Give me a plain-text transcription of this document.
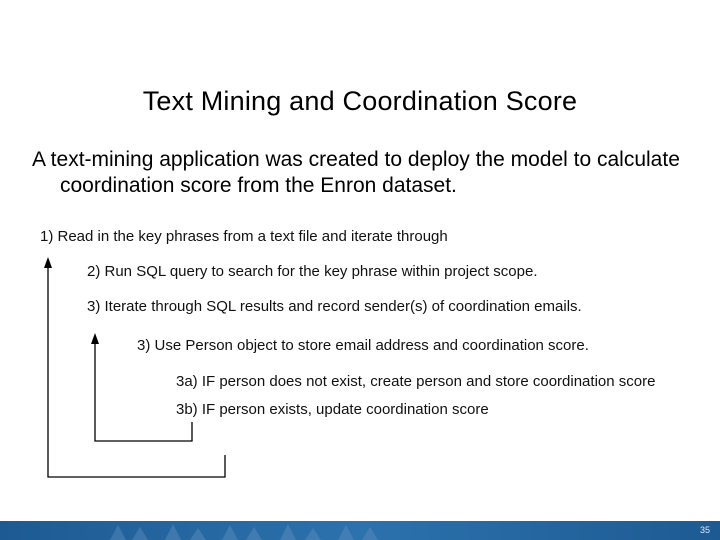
Text Mining and Coordination Score
A text-mining application was created to deploy the model to calculate coordination score from the Enron dataset.
1) Read in the key phrases from a text file and iterate through
2) Run SQL query to search for the key phrase within project scope.
3) Iterate through SQL results and record sender(s) of coordination emails.
3) Use Person object to store email address and coordination score.
3a) IF person does not exist, create person and store coordination score
3b) IF person exists, update coordination score
35
